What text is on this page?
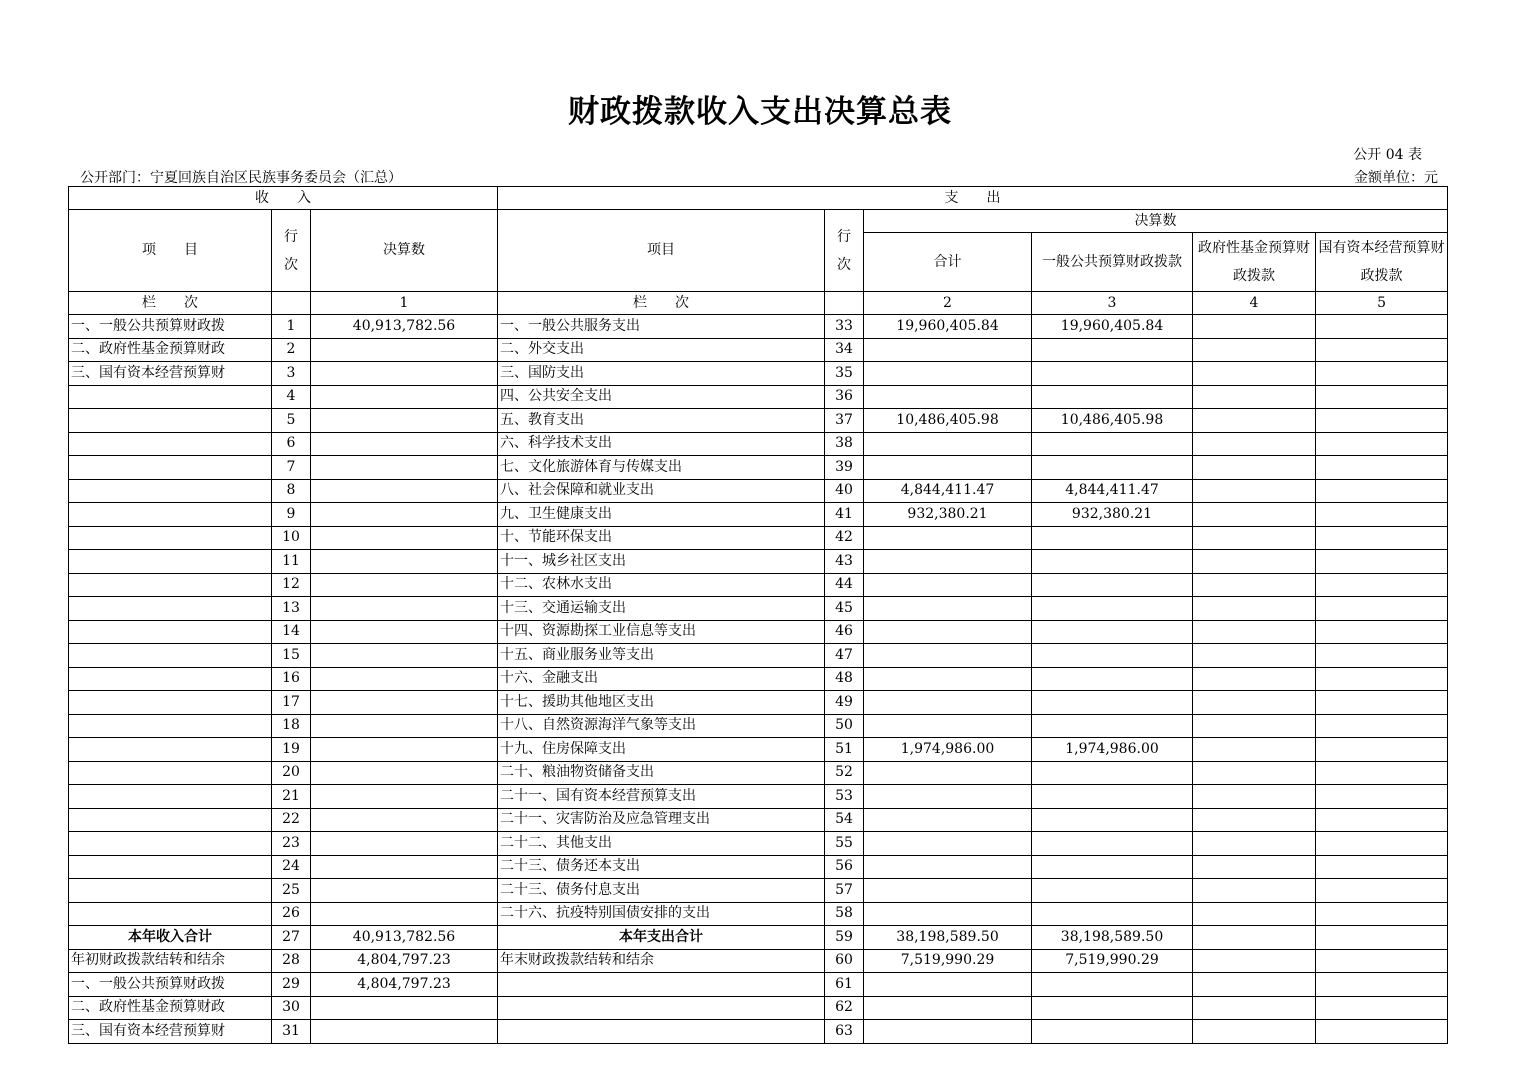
财政拨款收入支出决算总表
公开 04 表
公开部门：宁夏回族自治区民族事务委员会（汇总）	金额单位：元
收　　入			支　　出					
项　　目	行次	决算数	项目	行次	决算数			
					合计	一般公共预算财政拨款	政府性基金预算财政拨款	国有资本经营预算财政拨款
栏　　次		1	栏　　次		2	3	4	5
一、一般公共预算财政拨	1	40,913,782.56	一、一般公共服务支出	33	19,960,405.84	19,960,405.84		
二、政府性基金预算财政	2		二、外交支出	34				
三、国有资本经营预算财	3		三、国防支出	35				
	4		四、公共安全支出	36				
	5		五、教育支出	37	10,486,405.98	10,486,405.98		
	6		六、科学技术支出	38				
	7		七、文化旅游体育与传媒支出	39				
	8		八、社会保障和就业支出	40	4,844,411.47	4,844,411.47		
	9		九、卫生健康支出	41	932,380.21	932,380.21		
	10		十、节能环保支出	42				
	11		十一、城乡社区支出	43				
	12		十二、农林水支出	44				
	13		十三、交通运输支出	45				
	14		十四、资源勘探工业信息等支出	46				
	15		十五、商业服务业等支出	47				
	16		十六、金融支出	48				
	17		十七、援助其他地区支出	49				
	18		十八、自然资源海洋气象等支出	50				
	19		十九、住房保障支出	51	1,974,986.00	1,974,986.00		
	20		二十、粮油物资储备支出	52				
	21		二十一、国有资本经营预算支出	53				
	22		二十一、灾害防治及应急管理支出	54				
	23		二十二、其他支出	55				
	24		二十三、债务还本支出	56				
	25		二十三、债务付息支出	57				
	26		二十六、抗疫特别国债安排的支出	58				
本年收入合计	27	40,913,782.56	本年支出合计	59	38,198,589.50	38,198,589.50		
年初财政拨款结转和结余	28	4,804,797.23	年末财政拨款结转和结余	60	7,519,990.29	7,519,990.29		
一、一般公共预算财政拨	29	4,804,797.23		61				
二、政府性基金预算财政	30			62				
三、国有资本经营预算财	31			63				
